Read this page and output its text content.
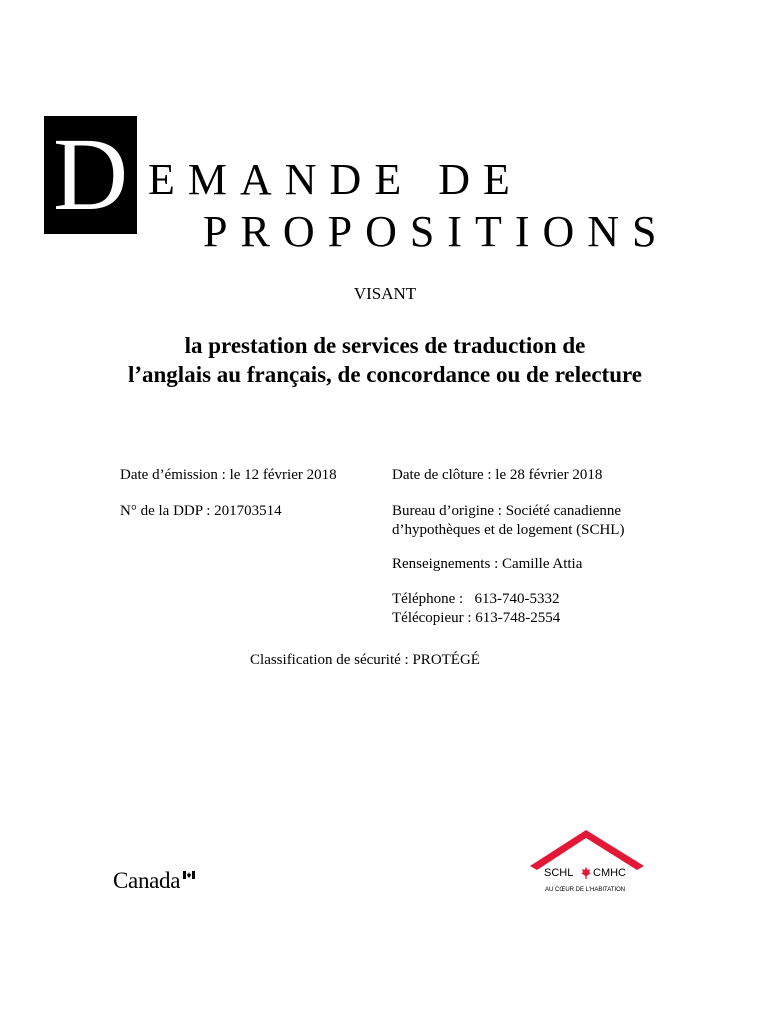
D EMANDE DE
PROPOSITIONS
VISANT
la prestation de services de traduction de
l’anglais au français, de concordance ou de relecture
Date d’émission : le 12 février 2018
N° de la DDP : 201703514
Date de clôture : le 28 février 2018
Bureau d’origine : Société canadienne
d’hypothèques et de logement (SCHL)
Renseignements : Camille Attia
Téléphone :   613-740-5332
Télécopieur : 613-748-2554
Classification de sécurité : PROTÉGÉ
Canada	SCHL CMHC
AU CŒUR DE L’HABITATION
